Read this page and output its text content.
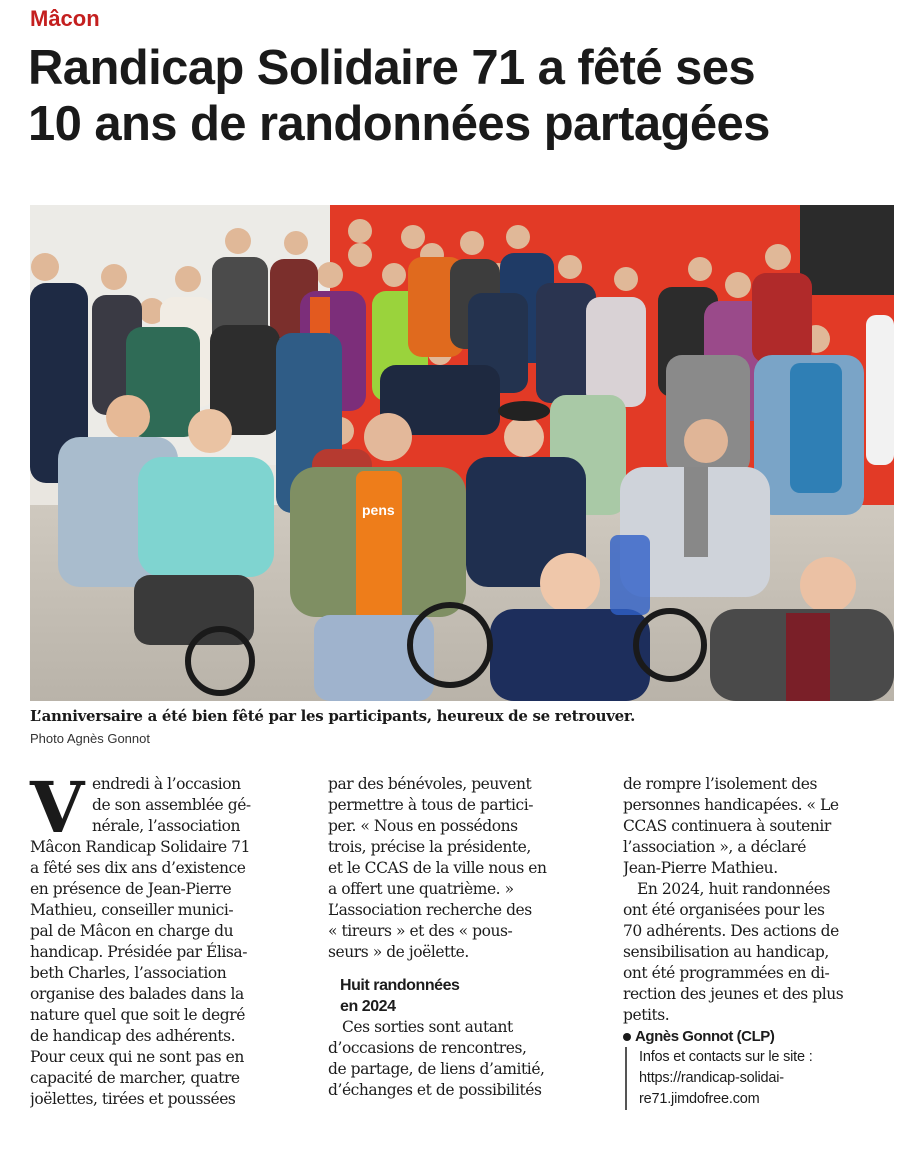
Mâcon
Randicap Solidaire 71 a fêté ses
10 ans de randonnées partagées
pens
L’anniversaire a été bien fêté par les participants, heureux de se retrouver.
Photo Agnès Gonnot
V endredi à l’occasion
de son assemblée gé-
nérale, l’association
Mâcon Randicap Solidaire 71
a fêté ses dix ans d’existence
en présence de Jean-Pierre
Mathieu, conseiller munici-
pal de Mâcon en charge du
handicap. Présidée par Élisa-
beth Charles, l’association
organise des balades dans la
nature quel que soit le degré
de handicap des adhérents.
Pour ceux qui ne sont pas en
capacité de marcher, quatre
joëlettes, tirées et poussées
par des bénévoles, peuvent
permettre à tous de partici-
per. « Nous en possédons
trois, précise la présidente,
et le CCAS de la ville nous en
a offert une quatrième. »
L’association recherche des
« tireurs » et des « pous-
seurs » de joëlette.
Huit randonnées
en 2024
Ces sorties sont autant
d’occasions de rencontres,
de partage, de liens d’amitié,
d’échanges et de possibilités
de rompre l’isolement des
personnes handicapées. « Le
CCAS continuera à soutenir
l’association », a déclaré
Jean-Pierre Mathieu.
En 2024, huit randonnées
ont été organisées pour les
70 adhérents. Des actions de
sensibilisation au handicap,
ont été programmées en di-
rection des jeunes et des plus
petits.
Agnès Gonnot (CLP)
Infos et contacts sur le site :
https://randicap-solidai-
re71.jimdofree.com
